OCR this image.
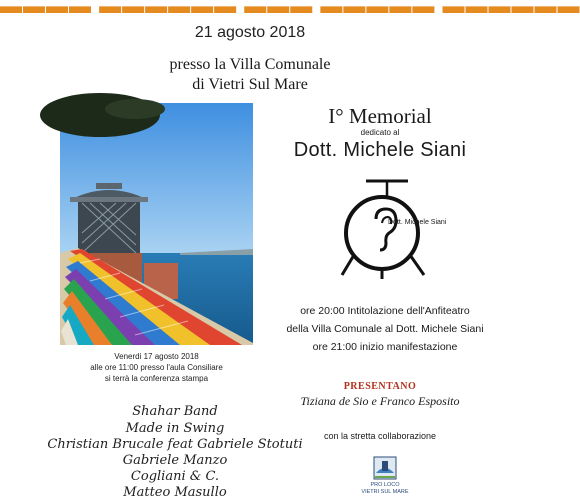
▬▬▬▬ ▬▬▬▬▬▬ ▬▬▬ ▬▬▬▬▬ ▬▬▬▬▬▬
21 agosto 2018
presso la Villa Comunale
di Vietri Sul Mare
Venerdi 17 agosto 2018
alle ore 11:00 presso l'aula Consiliare
si terrà la conferenza stampa
Shahar Band
Made in Swing
Christian Brucale feat Gabriele Stotuti
Gabriele Manzo
Cogliani & C.
Matteo Masullo
I° Memorial
dedicato al
Dott. Michele Siani
Dott. Michele Siani
ore 20:00 Intitolazione dell'Anfiteatro
della Villa Comunale al Dott. Michele Siani
ore 21:00 inizio manifestazione
PRESENTANO
Tiziana de Sio e Franco Esposito
con la stretta collaborazione
PRO LOCO
VIETRI SUL MARE
